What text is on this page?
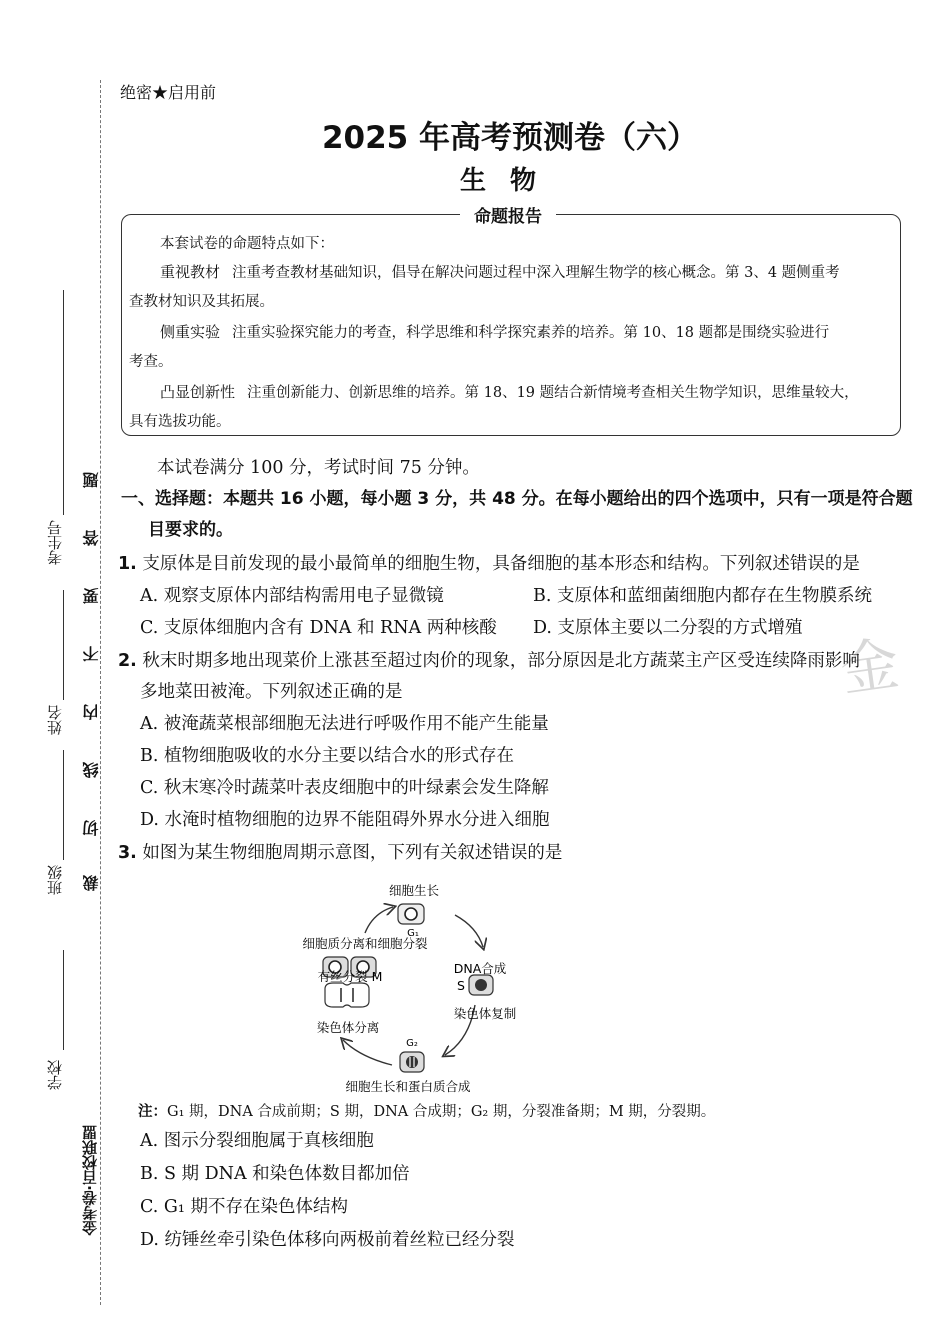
学校
班级
姓名
考生号
题
答
要
不
内
线
切
裁
金考卷·百校联盟
金
绝密★启用前
2025 年高考预测卷（六）
生物
命题报告
本套试卷的命题特点如下：
重视教材 注重考查教材基础知识，倡导在解决问题过程中深入理解生物学的核心概念。第 3、4 题侧重考
查教材知识及其拓展。
侧重实验 注重实验探究能力的考查，科学思维和科学探究素养的培养。第 10、18 题都是围绕实验进行
考查。
凸显创新性 注重创新能力、创新思维的培养。第 18、19 题结合新情境考查相关生物学知识，思维量较大，
具有选拔功能。
本试卷满分 100 分，考试时间 75 分钟。
一、选择题：本题共 16 小题，每小题 3 分，共 48 分。在每小题给出的四个选项中，只有一项是符合题
目要求的。
1. 支原体是目前发现的最小最简单的细胞生物，具备细胞的基本形态和结构。下列叙述错误的是
A. 观察支原体内部结构需用电子显微镜	B. 支原体和蓝细菌细胞内都存在生物膜系统
C. 支原体细胞内含有 DNA 和 RNA 两种核酸 D. 支原体主要以二分裂的方式增殖
2. 秋末时期多地出现菜价上涨甚至超过肉价的现象，部分原因是北方蔬菜主产区受连续降雨影响
多地菜田被淹。下列叙述正确的是
A. 被淹蔬菜根部细胞无法进行呼吸作用不能产生能量
B. 植物细胞吸收的水分主要以结合水的形式存在
C. 秋末寒冷时蔬菜叶表皮细胞中的叶绿素会发生降解
D. 水淹时植物细胞的边界不能阻碍外界水分进入细胞
3. 如图为某生物细胞周期示意图，下列有关叙述错误的是
细胞生长
G₁
DNA合成
S
染色体复制
G₂
细胞生长和蛋白质合成
染色体分离
有丝分裂 M
细胞质分离和细胞分裂
注：G₁ 期，DNA 合成前期；S 期，DNA 合成期；G₂ 期，分裂准备期；M 期，分裂期。
A. 图示分裂细胞属于真核细胞
B. S 期 DNA 和染色体数目都加倍
C. G₁ 期不存在染色体结构
D. 纺锤丝牵引染色体移向两极前着丝粒已经分裂
